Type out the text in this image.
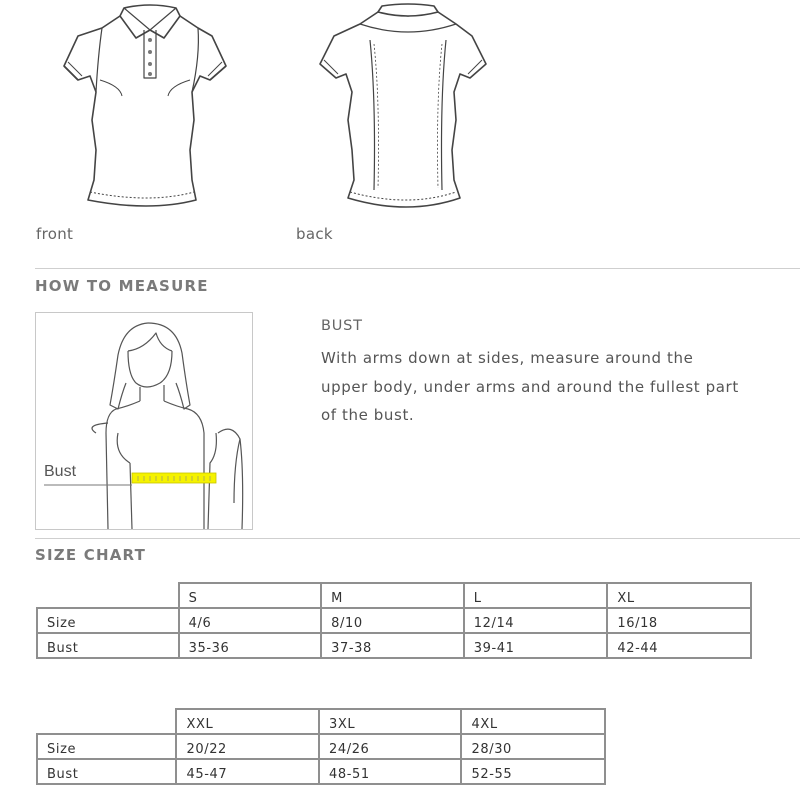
front	back
HOW TO MEASURE
Bust
BUST
With arms down at sides, measure around the
upper body, under arms and around the fullest part
of the bust.
SIZE CHART
	S	M	L	XL
Size	4/6	8/10	12/14	16/18
Bust	35-36	37-38	39-41	42-44
	XXL	3XL	4XL
Size	20/22	24/26	28/30
Bust	45-47	48-51	52-55
